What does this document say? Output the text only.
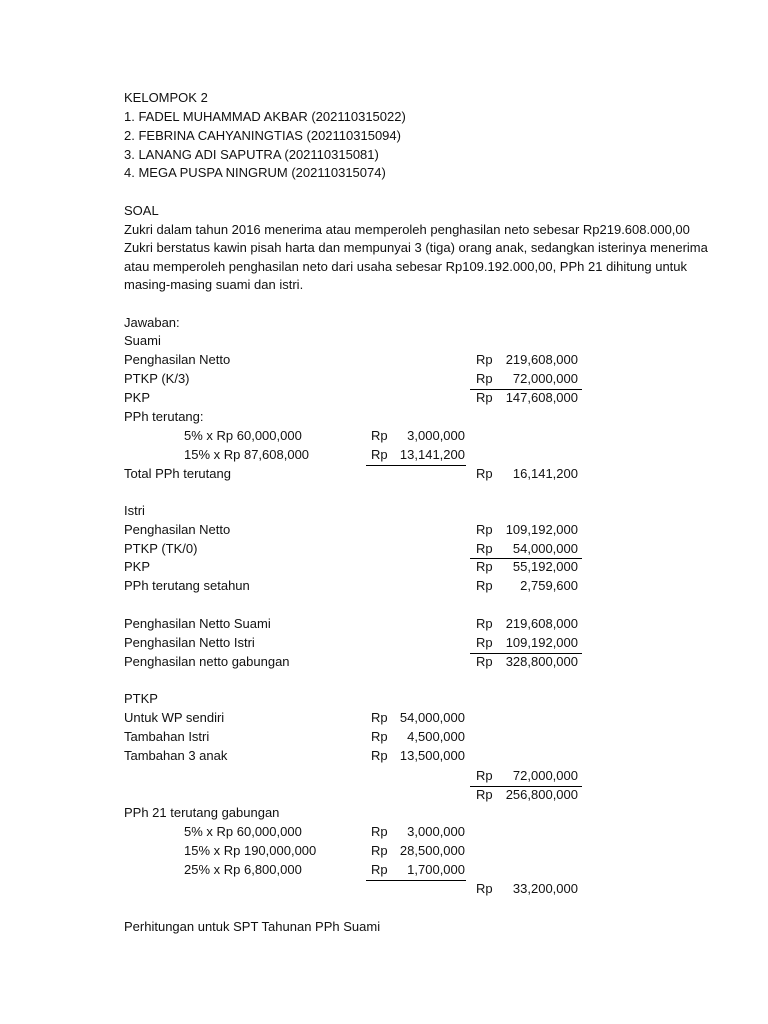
KELOMPOK 2
1. FADEL MUHAMMAD AKBAR (202110315022)
2. FEBRINA CAHYANINGTIAS (202110315094)
3. LANANG ADI SAPUTRA (202110315081)
4. MEGA PUSPA NINGRUM (202110315074)
SOAL
Zukri dalam tahun 2016 menerima atau memperoleh penghasilan neto sebesar Rp219.608.000,00
Zukri berstatus kawin pisah harta dan mempunyai 3 (tiga) orang anak, sedangkan isterinya menerima
atau memperoleh penghasilan neto dari usaha sebesar Rp109.192.000,00, PPh 21 dihitung untuk
masing-masing suami dan istri.
Jawaban:
Suami
Penghasilan Netto	Rp 219,608,000
PTKP (K/3)	Rp 72,000,000
PKP	Rp 147,608,000
PPh terutang:
5% x Rp 60,000,000	Rp 3,000,000
15% x Rp 87,608,000	Rp 13,141,200
Total PPh terutang	Rp 16,141,200
Istri
Penghasilan Netto	Rp 109,192,000
PTKP (TK/0)	Rp 54,000,000
PKP	Rp 55,192,000
PPh terutang setahun	Rp 2,759,600
Penghasilan Netto Suami	Rp 219,608,000
Penghasilan Netto Istri	Rp 109,192,000
Penghasilan netto gabungan	Rp 328,800,000
PTKP
Untuk WP sendiri	Rp 54,000,000
Tambahan Istri	Rp 4,500,000
Tambahan 3 anak	Rp 13,500,000
Rp 72,000,000
Rp 256,800,000
PPh 21 terutang gabungan
5% x Rp 60,000,000	Rp 3,000,000
15% x Rp 190,000,000	Rp 28,500,000
25% x Rp 6,800,000	Rp 1,700,000
Rp 33,200,000
Perhitungan untuk SPT Tahunan PPh Suami
